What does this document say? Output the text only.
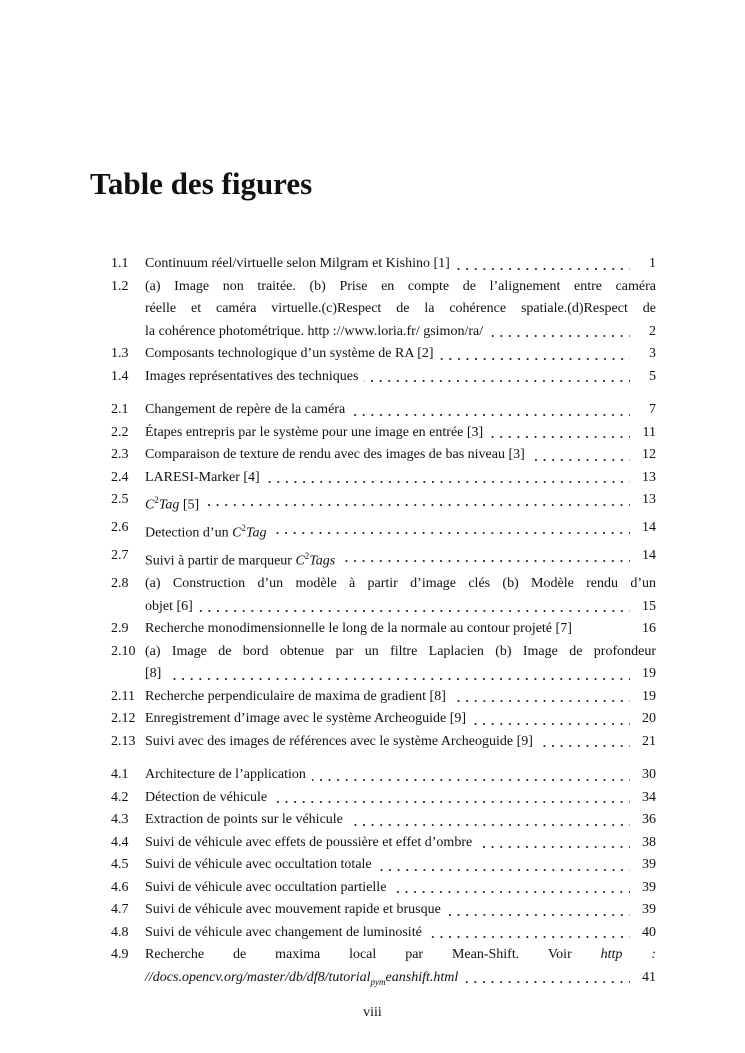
Table des figures
1.1	Continuum réel/virtuelle selon Milgram et Kishino [1]	1
1.2	(a) Image non traitée. (b) Prise en compte de l’alignement entre caméra
réelle et caméra virtuelle.(c)Respect de la cohérence spatiale.(d)Respect de
la cohérence photométrique. http ://www.loria.fr/ gsimon/ra/	2
1.3	Composants technologique d’un système de RA [2]	3
1.4	Images représentatives des techniques	5
2.1	Changement de repère de la caméra	7
2.2	Étapes entrepris par le système pour une image en entrée [3]	11
2.3	Comparaison de texture de rendu avec des images de bas niveau [3]	12
2.4	LARESI-Marker [4]	13
2.5	$C^2Tag$ [5]	13
2.6	Detection d’un $C^2Tag$	14
2.7	Suivi à partir de marqueur $C^2Tags$	14
2.8	(a) Construction d’un modèle à partir d’image clés (b) Modèle rendu d’un
objet [6]	15
2.9	Recherche monodimensionnelle le long de la normale au contour projeté [7]	16
2.10 (a) Image de bord obtenue par un filtre Laplacien (b) Image de profondeur
[8]	19
2.11 Recherche perpendiculaire de maxima de gradient [8]	19
2.12 Enregistrement d’image avec le système Archeoguide [9]	20
2.13 Suivi avec des images de références avec le système Archeoguide [9]	21
4.1	Architecture de l’application	30
4.2	Détection de véhicule	34
4.3	Extraction de points sur le véhicule	36
4.4	Suivi de véhicule avec effets de poussière et effet d’ombre	38
4.5	Suivi de véhicule avec occultation totale	39
4.6	Suivi de véhicule avec occultation partielle	39
4.7	Suivi de véhicule avec mouvement rapide et brusque	39
4.8	Suivi de véhicule avec changement de luminosité	40
4.9	Recherche de maxima local par Mean-Shift. Voir http :
//docs.opencv.org/master/db/df8/tutorial$_{pym}$eanshift.html	41
viii
